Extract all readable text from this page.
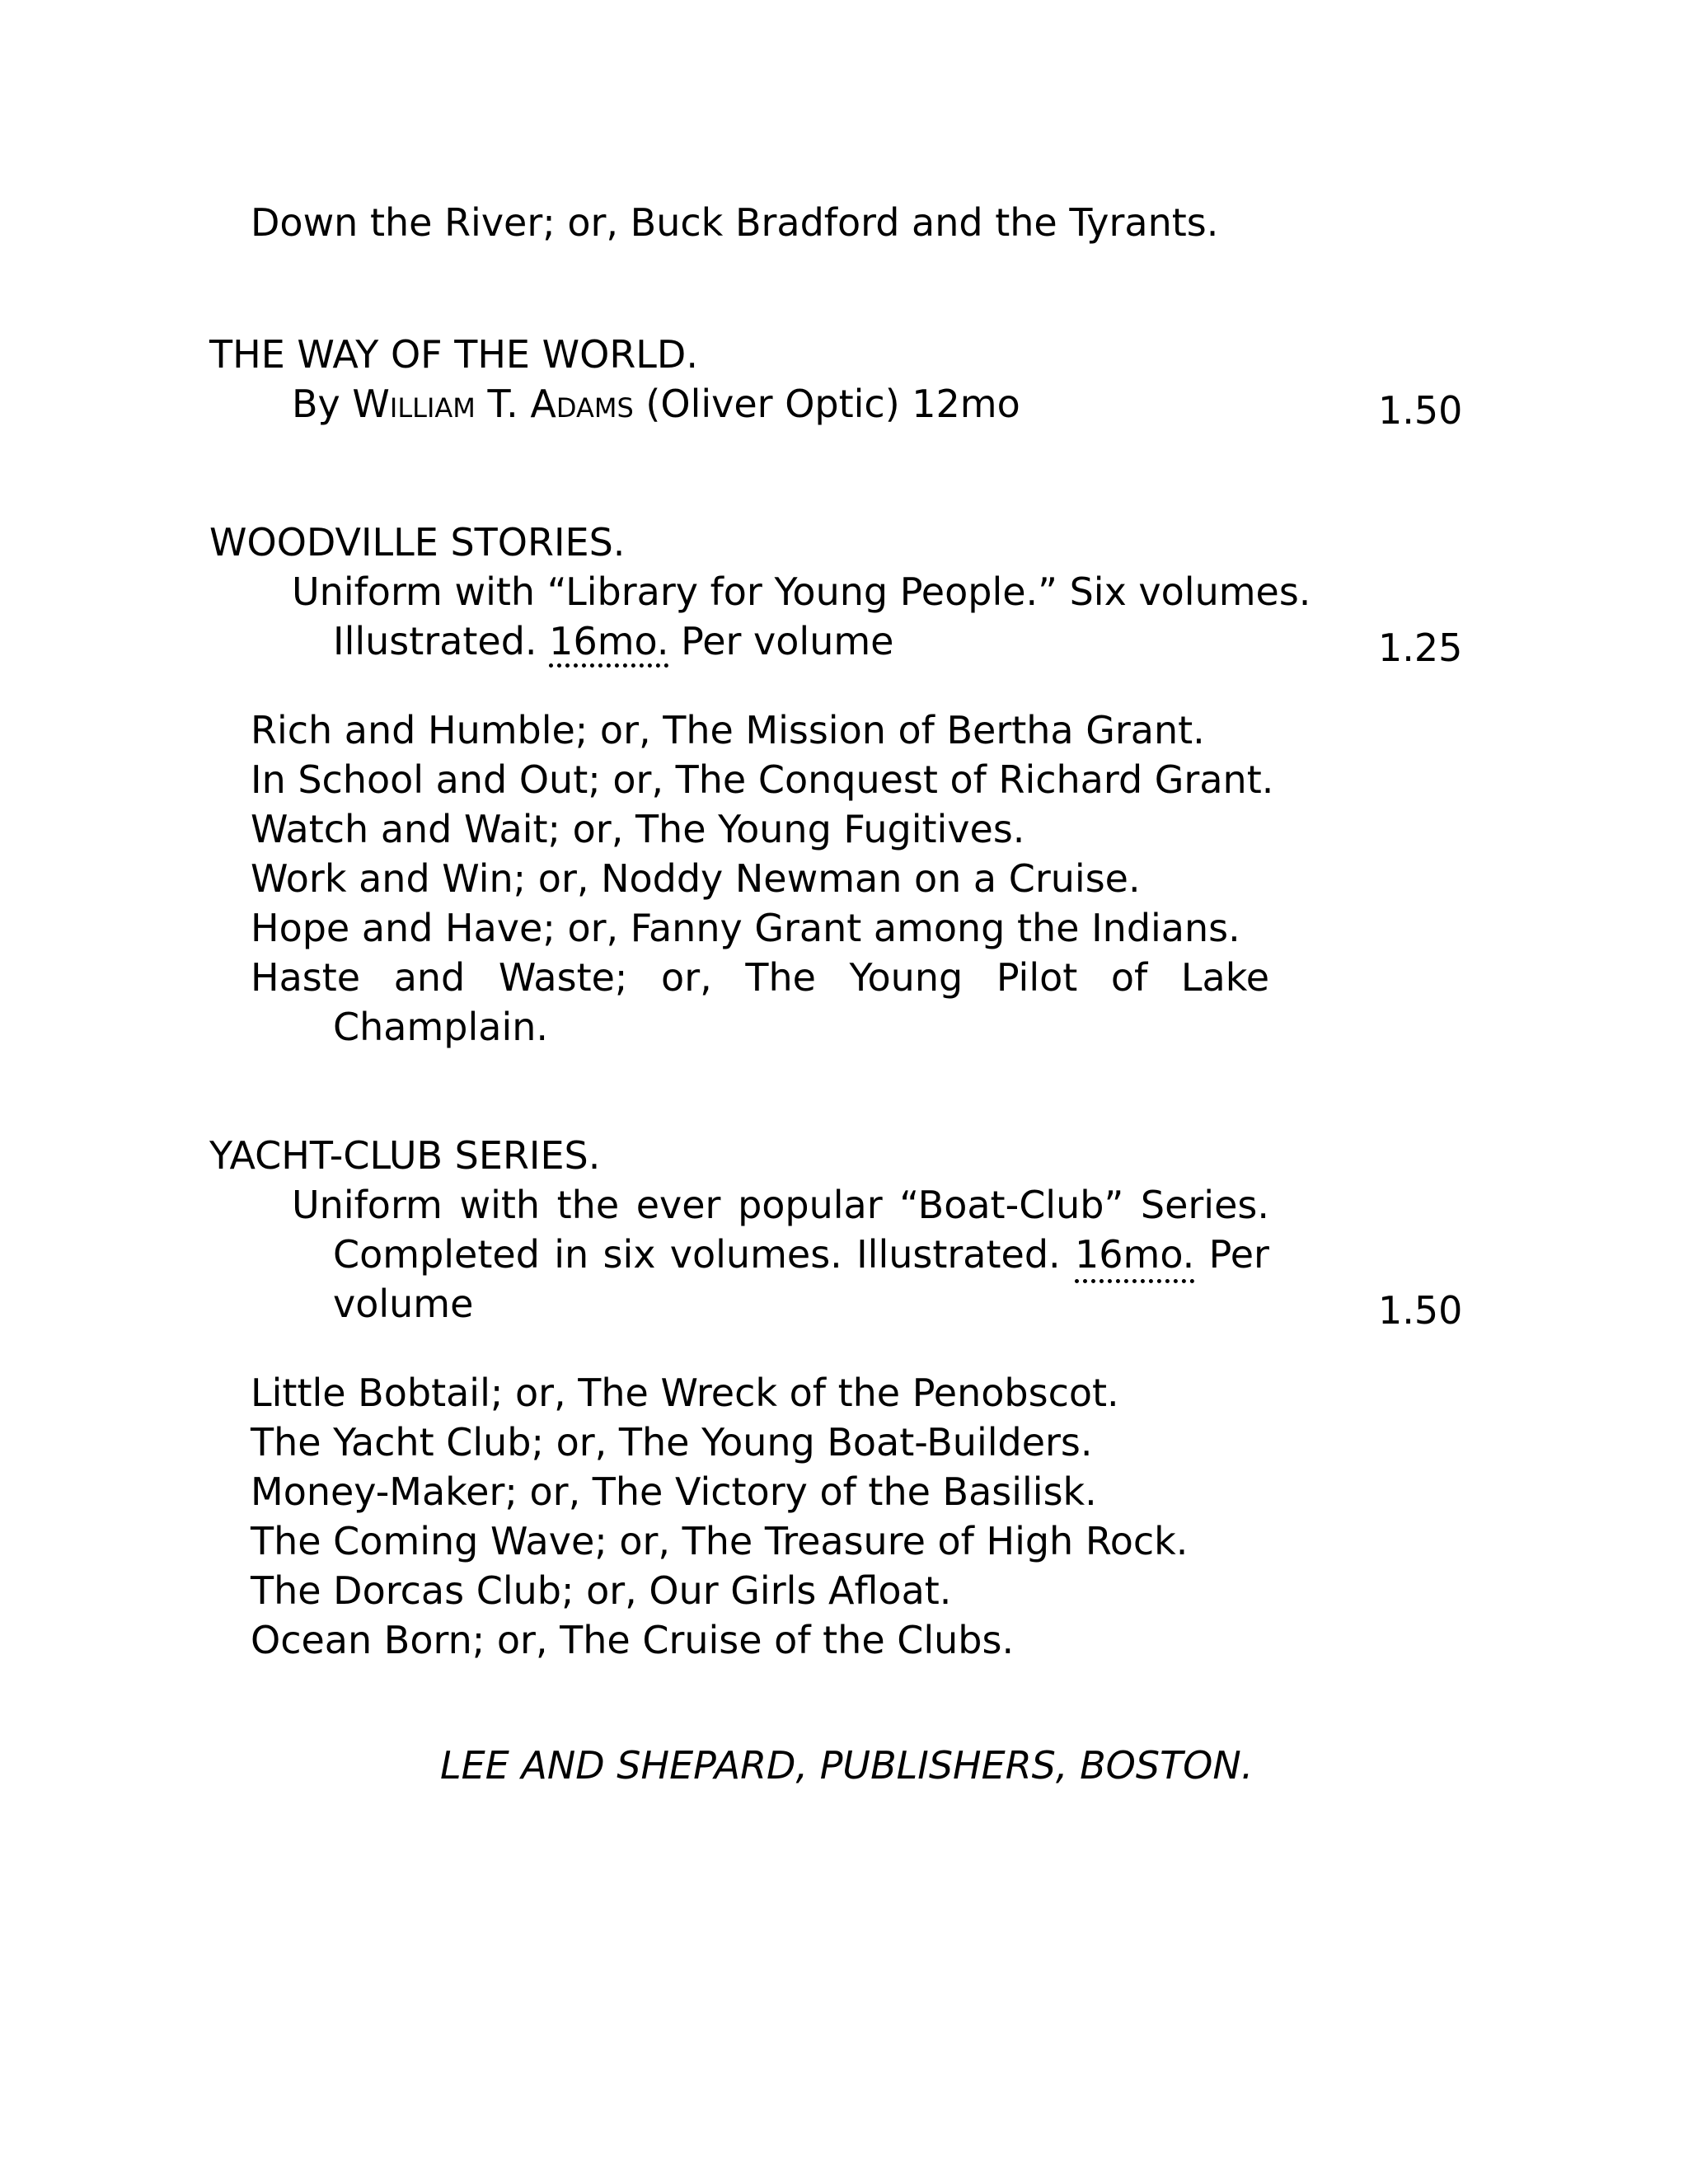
Down the River; or, Buck Bradford and the Tyrants.
THE WAY OF THE WORLD.
By William T. Adams (Oliver Optic) 12mo	1.50
WOODVILLE STORIES.
Uniform with “Library for Young People.” Six volumes.
Illustrated. 16mo. Per volume	1.25
Rich and Humble; or, The Mission of Bertha Grant.
In School and Out; or, The Conquest of Richard Grant.
Watch and Wait; or, The Young Fugitives.
Work and Win; or, Noddy Newman on a Cruise.
Hope and Have; or, Fanny Grant among the Indians.
Haste and Waste; or, The Young Pilot of Lake
Champlain.
YACHT-CLUB SERIES.
Uniform with the ever popular “Boat-Club” Series.
Completed in six volumes. Illustrated. 16mo. Per
volume	1.50
Little Bobtail; or, The Wreck of the Penobscot.
The Yacht Club; or, The Young Boat-Builders.
Money-Maker; or, The Victory of the Basilisk.
The Coming Wave; or, The Treasure of High Rock.
The Dorcas Club; or, Our Girls Afloat.
Ocean Born; or, The Cruise of the Clubs.
LEE AND SHEPARD, PUBLISHERS, BOSTON.
